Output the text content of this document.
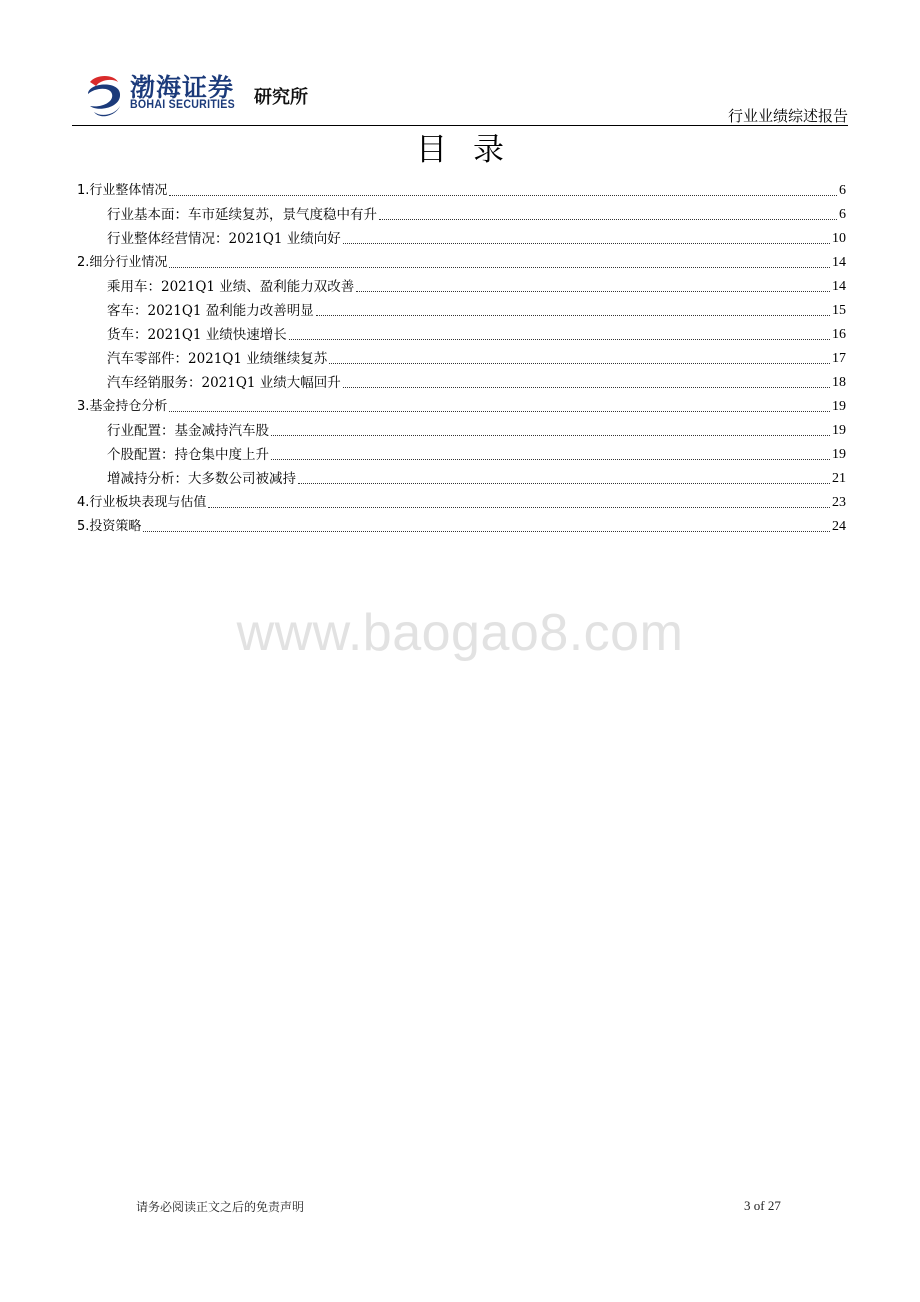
渤海证券
BOHAI SECURITIES 研究所
行业业绩综述报告
目录
1.行业整体情况	6
行业基本面：车市延续复苏，景气度稳中有升	6
行业整体经营情况：2021Q1 业绩向好	10
2.细分行业情况	14
乘用车：2021Q1 业绩、盈利能力双改善	14
客车：2021Q1 盈利能力改善明显	15
货车：2021Q1 业绩快速增长	16
汽车零部件：2021Q1 业绩继续复苏	17
汽车经销服务：2021Q1 业绩大幅回升	18
3.基金持仓分析	19
行业配置：基金减持汽车股	19
个股配置：持仓集中度上升	19
增减持分析：大多数公司被减持	21
4.行业板块表现与估值	23
5.投资策略	24
www.baogao8.com
请务必阅读正文之后的免责声明	3 of 27
